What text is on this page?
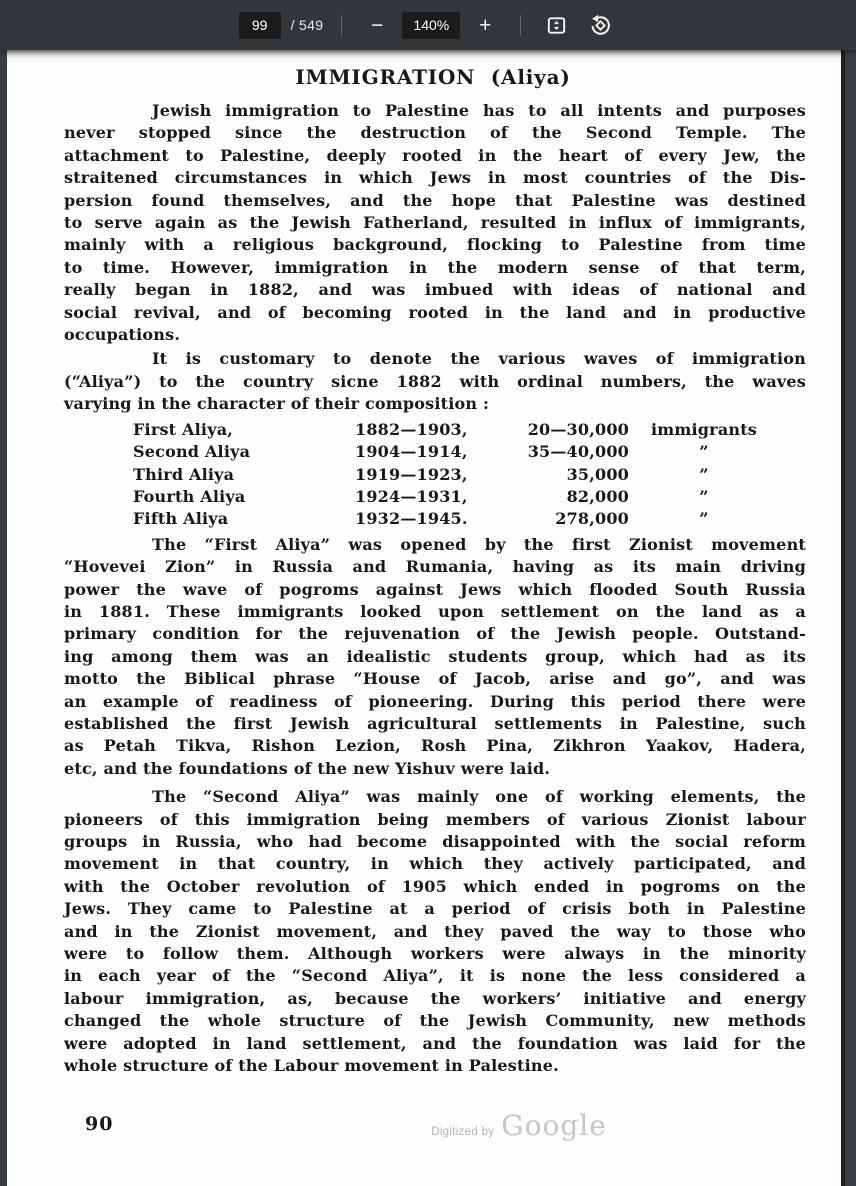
99
/ 549	−	140%	+
IMMIGRATION  (Aliya)
Jewish immigration to Palestine has to all intents and purposes
never stopped since the destruction of the Second Temple. The
attachment to Palestine, deeply rooted in the heart of every Jew, the
straitened circumstances in which Jews in most countries of the Dis-
persion found themselves, and the hope that Palestine was destined
to serve again as the Jewish Fatherland, resulted in influx of immigrants,
mainly with a religious background, flocking to Palestine from time
to time. However, immigration in the modern sense of that term,
really began in 1882, and was imbued with ideas of national and
social revival, and of becoming rooted in the land and in productive
occupations.
It is customary to denote the various waves of immigration
(“Aliya”) to the country sicne 1882 with ordinal numbers, the waves
varying in the character of their composition :
First Aliya,	1882—1903,	20—30,000	immigrants
Second Aliya	1904—1914,	35—40,000	”
Third Aliya	1919—1923,	35,000	”
Fourth Aliya	1924—1931,	82,000	”
Fifth Aliya	1932—1945.	278,000	”
The “First Aliya” was opened by the first Zionist movement
“Hovevei Zion” in Russia and Rumania, having as its main driving
power the wave of pogroms against Jews which flooded South Russia
in 1881. These immigrants looked upon settlement on the land as a
primary condition for the rejuvenation of the Jewish people. Outstand-
ing among them was an idealistic students group, which had as its
motto the Biblical phrase “House of Jacob, arise and go”, and was
an example of readiness of pioneering. During this period there were
established the first Jewish agricultural settlements in Palestine, such
as Petah Tikva, Rishon Lezion, Rosh Pina, Zikhron Yaakov, Hadera,
etc, and the foundations of the new Yishuv were laid.
The “Second Aliya” was mainly one of working elements, the
pioneers of this immigration being members of various Zionist labour
groups in Russia, who had become disappointed with the social reform
movement in that country, in which they actively participated, and
with the October revolution of 1905 which ended in pogroms on the
Jews. They came to Palestine at a period of crisis both in Palestine
and in the Zionist movement, and they paved the way to those who
were to follow them. Although workers were always in the minority
in each year of the “Second Aliya”, it is none the less considered a
labour immigration, as, because the workers’ initiative and energy
changed the whole structure of the Jewish Community, new methods
were adopted in land settlement, and the foundation was laid for the
whole structure of the Labour movement in Palestine.
90	Digitized by Google
